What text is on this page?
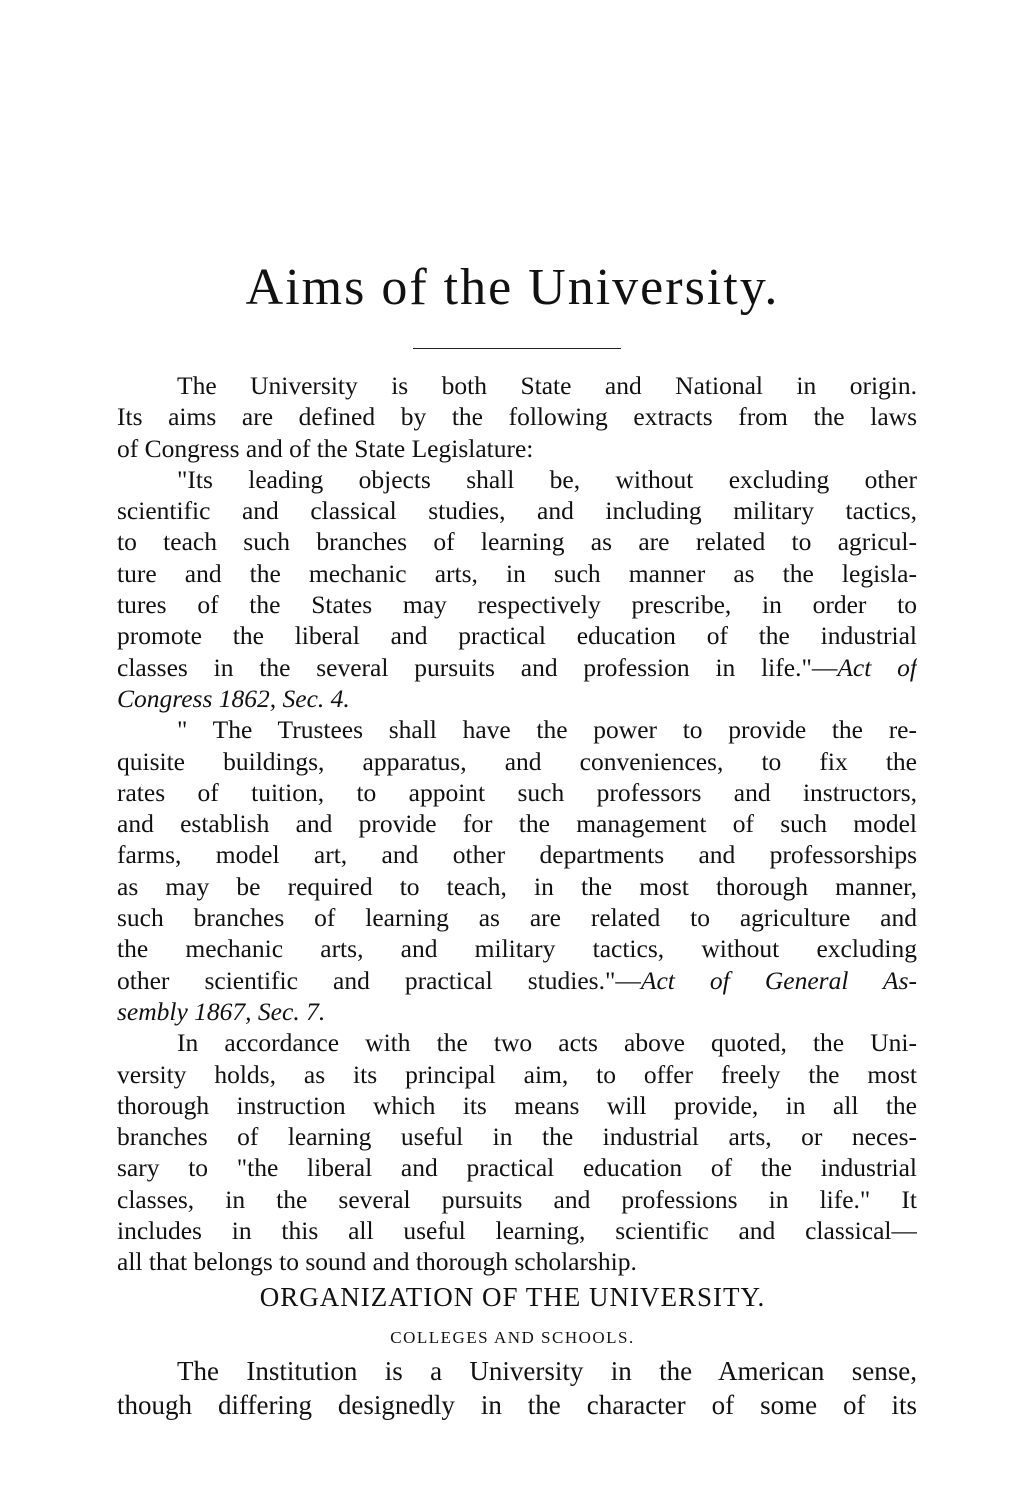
Aims of the University.
The University is both State and National in origin.
Its aims are defined by the following extracts from the laws
of Congress and of the State Legislature:
"Its leading objects shall be, without excluding other
scientific and classical studies, and including military tactics,
to teach such branches of learning as are related to agricul-
ture and the mechanic arts, in such manner as the legisla-
tures of the States may respectively prescribe, in order to
promote the liberal and practical education of the industrial
classes in the several pursuits and profession in life."—Act of
Congress 1862, Sec. 4.
" The Trustees shall have the power to provide the re-
quisite buildings, apparatus, and conveniences, to fix the
rates of tuition, to appoint such professors and instructors,
and establish and provide for the management of such model
farms, model art, and other departments and professorships
as may be required to teach, in the most thorough manner,
such branches of learning as are related to agriculture and
the mechanic arts, and military tactics, without excluding
other scientific and practical studies."—Act of General As-
sembly 1867, Sec. 7.
In accordance with the two acts above quoted, the Uni-
versity holds, as its principal aim, to offer freely the most
thorough instruction which its means will provide, in all the
branches of learning useful in the industrial arts, or neces-
sary to "the liberal and practical education of the industrial
classes, in the several pursuits and professions in life." It
includes in this all useful learning, scientific and classical—
all that belongs to sound and thorough scholarship.
ORGANIZATION OF THE UNIVERSITY.
COLLEGES AND SCHOOLS.
The Institution is a University in the American sense,
though differing designedly in the character of some of its
